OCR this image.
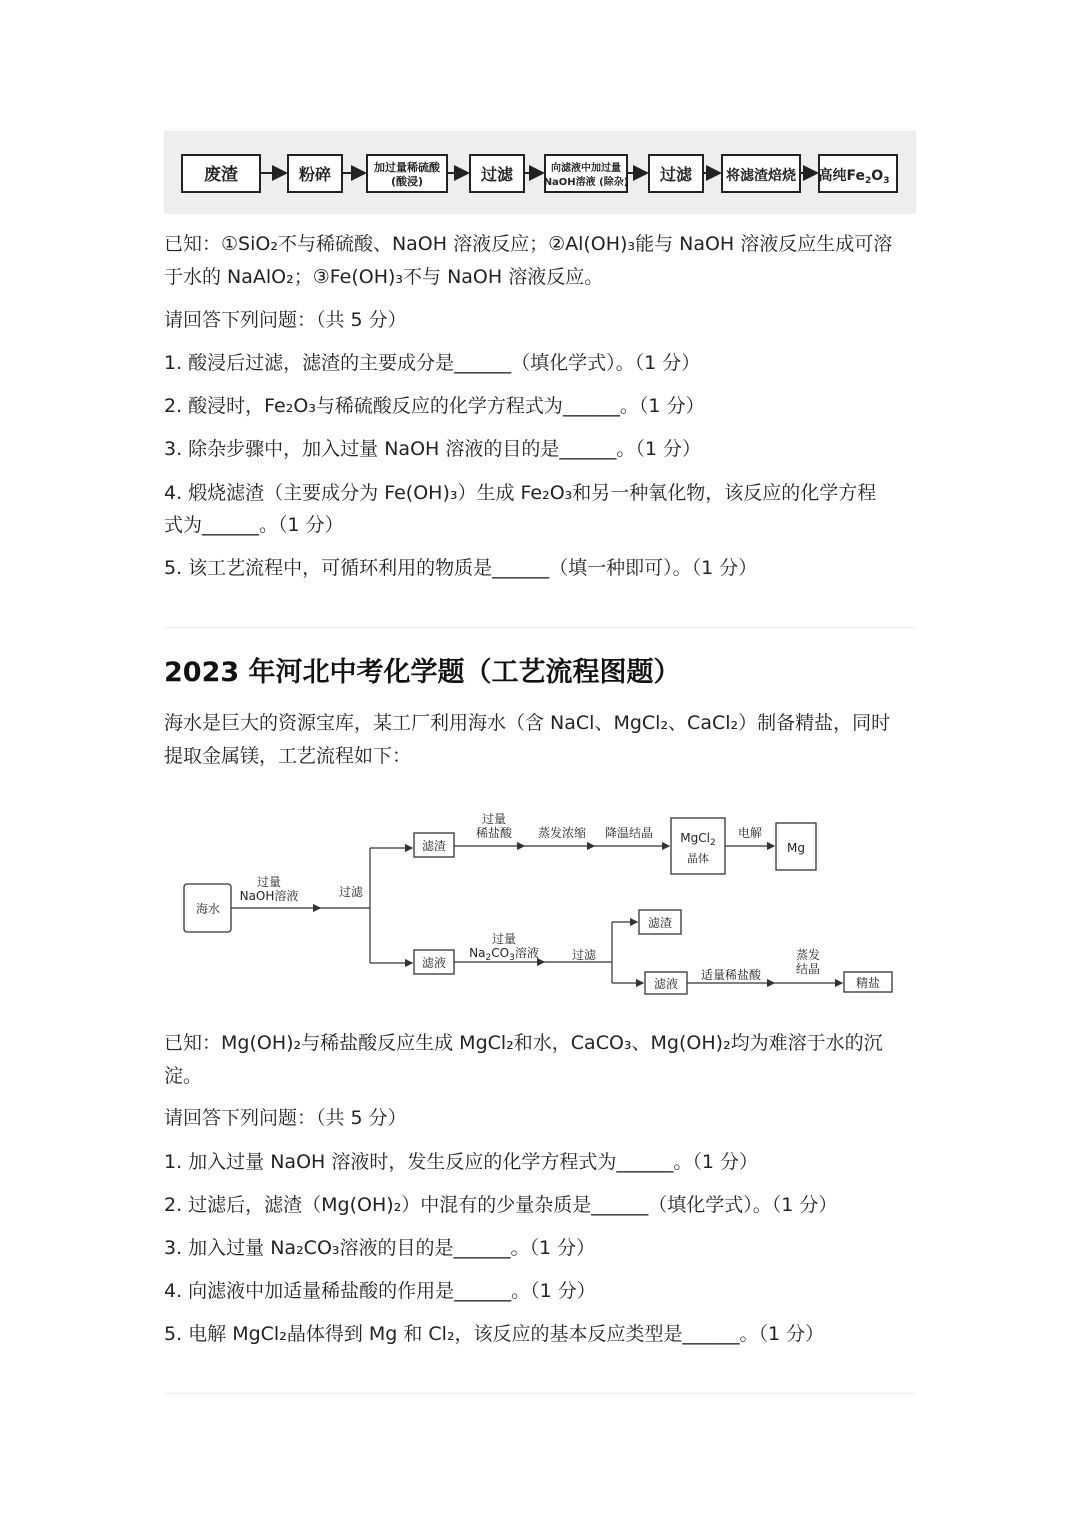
废渣	粉碎	加过量稀硫酸
(酸浸)	过滤	向滤液中加过量
NaOH溶液 (除杂) 过滤 将滤渣焙烧 高纯$Fe_2O_3$

已知：①SiO₂不与稀硫酸、NaOH 溶液反应；②Al(OH)₃能与 NaOH 溶液反应生成可溶

于水的 NaAlO₂；③Fe(OH)₃不与 NaOH 溶液反应。

请回答下列问题：（共 5 分）

1. 酸浸后过滤，滤渣的主要成分是______（填化学式）。（1 分）

2. 酸浸时，Fe₂O₃与稀硫酸反应的化学方程式为______。（1 分）

3. 除杂步骤中，加入过量 NaOH 溶液的目的是______。（1 分）

4. 煅烧滤渣（主要成分为 Fe(OH)₃）生成 Fe₂O₃和另一种氧化物，该反应的化学方程

式为______。（1 分）

5. 该工艺流程中，可循环利用的物质是______（填一种即可）。（1 分）

2023 年河北中考化学题（工艺流程图题）

海水是巨大的资源宝库，某工厂利用海水（含 NaCl、MgCl₂、CaCl₂）制备精盐，同时

提取金属镁，工艺流程如下：

海水
过量
NaOH溶液	过滤
滤渣
过量
稀盐酸 蒸发浓缩 降温结晶 MgCl$_2$
晶体
电解
Mg
滤液
过量
$Na_2CO_3$溶液	过滤
滤渣
滤液
适量稀盐酸
蒸发
结晶
精盐

已知：Mg(OH)₂与稀盐酸反应生成 MgCl₂和水，CaCO₃、Mg(OH)₂均为难溶于水的沉

淀。

请回答下列问题：（共 5 分）

1. 加入过量 NaOH 溶液时，发生反应的化学方程式为______。（1 分）

2. 过滤后，滤渣（Mg(OH)₂）中混有的少量杂质是______（填化学式）。（1 分）

3. 加入过量 Na₂CO₃溶液的目的是______。（1 分）

4. 向滤液中加适量稀盐酸的作用是______。（1 分）

5. 电解 MgCl₂晶体得到 Mg 和 Cl₂，该反应的基本反应类型是______。（1 分）
